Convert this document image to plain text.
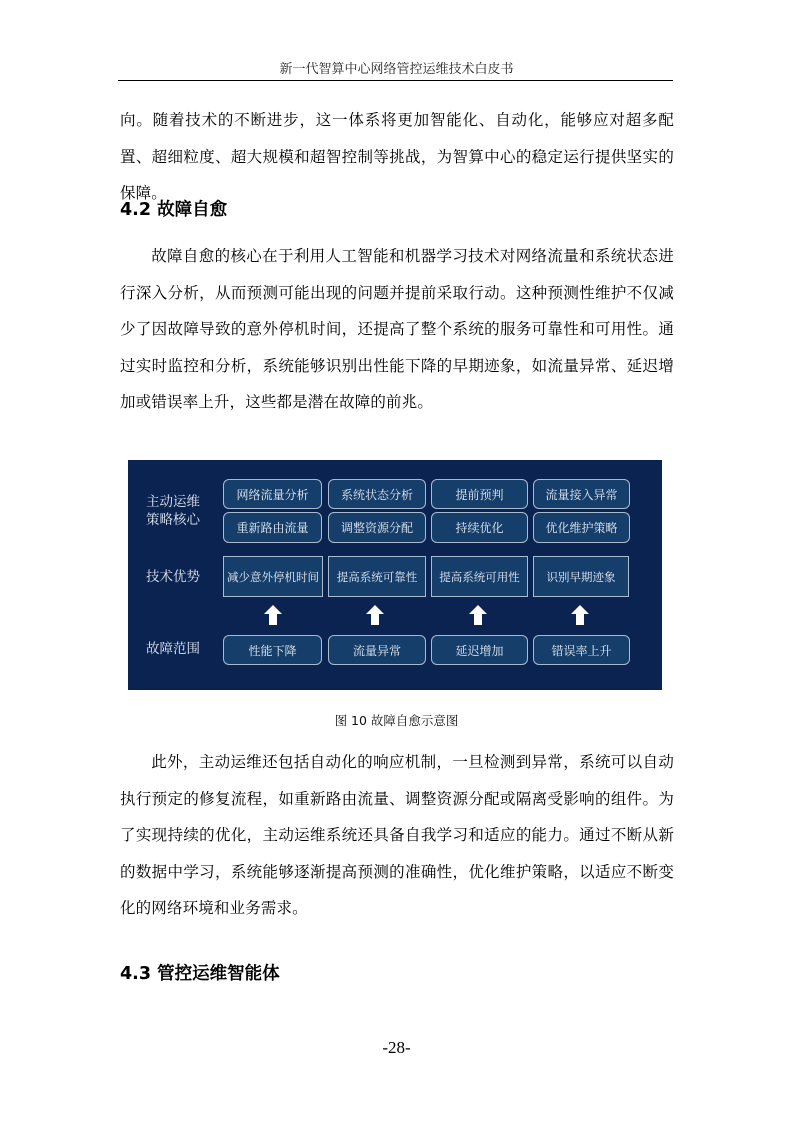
新一代智算中心网络管控运维技术白皮书
向。随着技术的不断进步，这一体系将更加智能化、自动化，能够应对超多配置、超细粒度、超大规模和超智控制等挑战，为智算中心的稳定运行提供坚实的保障。
4.2 故障自愈
故障自愈的核心在于利用人工智能和机器学习技术对网络流量和系统状态进行深入分析，从而预测可能出现的问题并提前采取行动。这种预测性维护不仅减少了因故障导致的意外停机时间，还提高了整个系统的服务可靠性和可用性。通过实时监控和分析，系统能够识别出性能下降的早期迹象，如流量异常、延迟增加或错误率上升，这些都是潜在故障的前兆。
主动运维
策略核心
技术优势
故障范围
网络流量分析	系统状态分析	提前预判	流量接入异常
重新路由流量	调整资源分配	持续优化	优化维护策略
减少意外停机时间	提高系统可靠性	提高系统可用性	识别早期迹象
性能下降	流量异常	延迟增加	错误率上升
图 10 故障自愈示意图
此外，主动运维还包括自动化的响应机制，一旦检测到异常，系统可以自动执行预定的修复流程，如重新路由流量、调整资源分配或隔离受影响的组件。为了实现持续的优化，主动运维系统还具备自我学习和适应的能力。通过不断从新的数据中学习，系统能够逐渐提高预测的准确性，优化维护策略，以适应不断变化的网络环境和业务需求。
4.3 管控运维智能体
-28-
